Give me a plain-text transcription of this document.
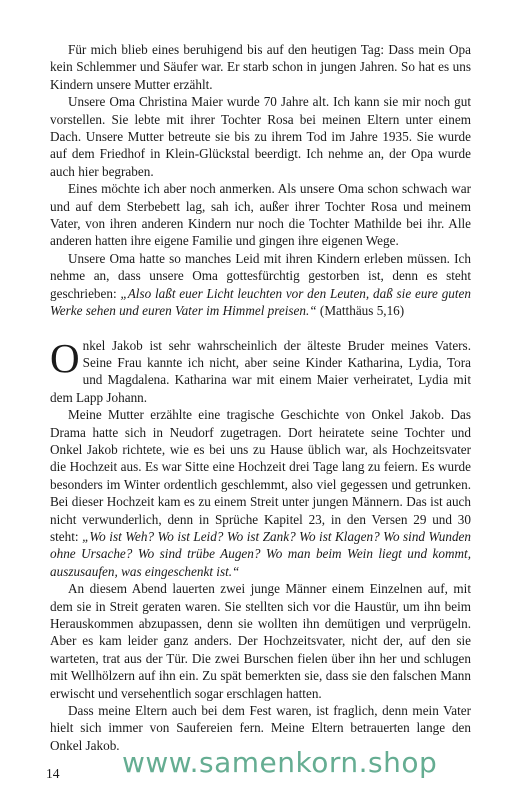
Für mich blieb eines beruhigend bis auf den heutigen Tag: Dass mein Opa kein Schlemmer und Säufer war. Er starb schon in jungen Jahren. So hat es uns Kindern unsere Mutter erzählt.

Unsere Oma Christina Maier wurde 70 Jahre alt. Ich kann sie mir noch gut vorstellen. Sie lebte mit ihrer Tochter Rosa bei meinen Eltern unter einem Dach. Unsere Mutter betreute sie bis zu ihrem Tod im Jahre 1935. Sie wurde auf dem Friedhof in Klein-Glückstal beerdigt. Ich nehme an, der Opa wurde auch hier begraben.

Eines möchte ich aber noch anmerken. Als unsere Oma schon schwach war und auf dem Sterbebett lag, sah ich, außer ihrer Tochter Rosa und meinem Vater, von ihren anderen Kindern nur noch die Tochter Mathilde bei ihr. Alle anderen hatten ihre eigene Familie und gingen ihre eigenen Wege.

Unsere Oma hatte so manches Leid mit ihren Kindern erleben müssen. Ich nehme an, dass unsere Oma gottesfürchtig gestorben ist, denn es steht geschrieben: „Also laßt euer Licht leuchten vor den Leuten, daß sie eure guten Werke sehen und euren Vater im Himmel preisen.“ (Matthäus 5,16)

Onkel Jakob ist sehr wahrscheinlich der älteste Bruder meines Vaters. Seine Frau kannte ich nicht, aber seine Kinder Katharina, Lydia, Tora und Magdalena. Katharina war mit einem Maier verheiratet, Lydia mit dem Lapp Johann.

Meine Mutter erzählte eine tragische Geschichte von Onkel Jakob. Das Drama hatte sich in Neudorf zugetragen. Dort heiratete seine Tochter und Onkel Jakob richtete, wie es bei uns zu Hause üblich war, als Hochzeitsvater die Hochzeit aus. Es war Sitte eine Hochzeit drei Tage lang zu feiern. Es wurde besonders im Winter ordentlich geschlemmt, also viel gegessen und getrunken. Bei dieser Hochzeit kam es zu einem Streit unter jungen Männern. Das ist auch nicht verwunderlich, denn in Sprüche Kapitel 23, in den Versen 29 und 30 steht: „Wo ist Weh? Wo ist Leid? Wo ist Zank? Wo ist Klagen? Wo sind Wunden ohne Ursache? Wo sind trübe Augen? Wo man beim Wein liegt und kommt, auszusaufen, was eingeschenkt ist.“

An diesem Abend lauerten zwei junge Männer einem Einzelnen auf, mit dem sie in Streit geraten waren. Sie stellten sich vor die Haustür, um ihn beim Herauskommen abzupassen, denn sie wollten ihn demütigen und verprügeln. Aber es kam leider ganz anders. Der Hochzeitsvater, nicht der, auf den sie warteten, trat aus der Tür. Die zwei Burschen fielen über ihn her und schlugen mit Wellhölzern auf ihn ein. Zu spät bemerkten sie, dass sie den falschen Mann erwischt und versehentlich sogar erschlagen hatten.

Dass meine Eltern auch bei dem Fest waren, ist fraglich, denn mein Vater hielt sich immer von Saufereien fern. Meine Eltern betrauerten lange den Onkel Jakob.

14 www.samenkorn.shop
